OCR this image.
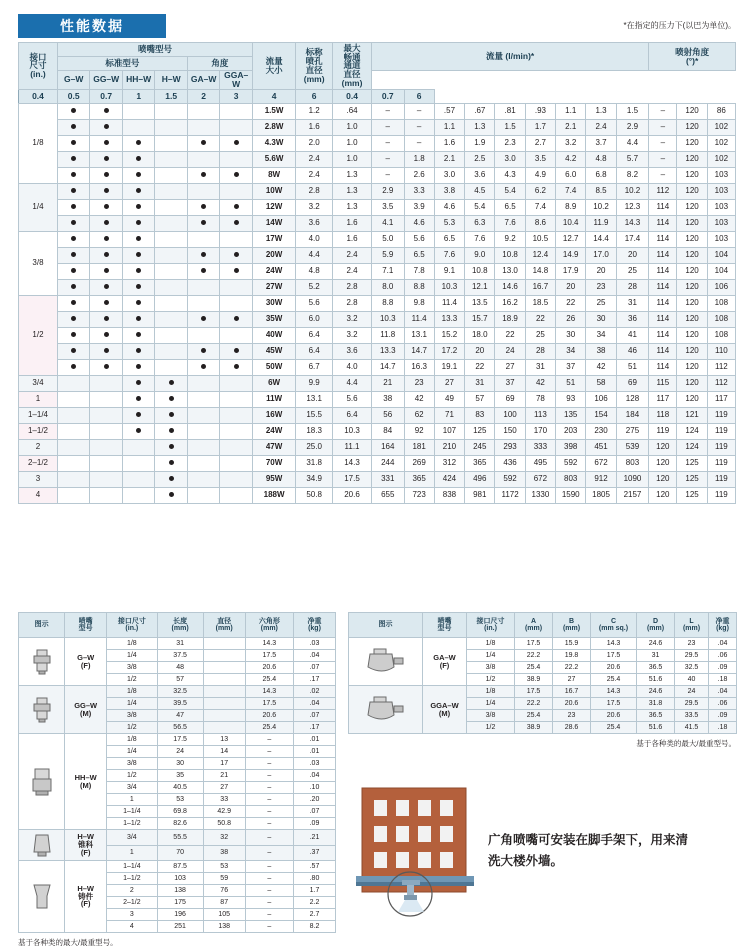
性能数据	*在指定的压力下(以巴为单位)。
接口
尺寸
(in.)
	喷嘴型号	
流量
大小

标称
喷孔
直径
(mm)

最大
畅通
通道
直径
(mm)
	流量 (l/min)*	喷射角度
(°)*

	标准型号				角度																
	G–W	GG–W	HH–W	H–W	GA–W	GGA–W															
0.4	0.5	0.7	1	1.5	2	3	4	6	0.4	0.7	6										
1/8							1.5W	1.2	.64	–	–	.57	.67	.81	.93	1.1	1.3	1.5	–	120	86
							2.8W	1.6	1.0	–	–	1.1	1.3	1.5	1.7	2.1	2.4	2.9	–	120	102
							4.3W	2.0	1.0	–	–	1.6	1.9	2.3	2.7	3.2	3.7	4.4	–	120	102
							5.6W	2.4	1.0	–	1.8	2.1	2.5	3.0	3.5	4.2	4.8	5.7	–	120	102
							8W	2.4	1.3	–	2.6	3.0	3.6	4.3	4.9	6.0	6.8	8.2	–	120	103
1/4							10W	2.8	1.3	2.9	3.3	3.8	4.5	5.4	6.2	7.4	8.5	10.2	112	120	103
							12W	3.2	1.3	3.5	3.9	4.6	5.4	6.5	7.4	8.9	10.2	12.3	114	120	103
							14W	3.6	1.6	4.1	4.6	5.3	6.3	7.6	8.6	10.4	11.9	14.3	114	120	103
3/8							17W	4.0	1.6	5.0	5.6	6.5	7.6	9.2	10.5	12.7	14.4	17.4	114	120	103
							20W	4.4	2.4	5.9	6.5	7.6	9.0	10.8	12.4	14.9	17.0	20	114	120	104
							24W	4.8	2.4	7.1	7.8	9.1	10.8	13.0	14.8	17.9	20	25	114	120	104
							27W	5.2	2.8	8.0	8.8	10.3	12.1	14.6	16.7	20	23	28	114	120	106
1/2							30W	5.6	2.8	8.8	9.8	11.4	13.5	16.2	18.5	22	25	31	114	120	108
							35W	6.0	3.2	10.3	11.4	13.3	15.7	18.9	22	26	30	36	114	120	108
							40W	6.4	3.2	11.8	13.1	15.2	18.0	22	25	30	34	41	114	120	108
							45W	6.4	3.6	13.3	14.7	17.2	20	24	28	34	38	46	114	120	110
							50W	6.7	4.0	14.7	16.3	19.1	22	27	31	37	42	51	114	120	112
3/4							6W	9.9	4.4	21	23	27	31	37	42	51	58	69	115	120	112
1							11W	13.1	5.6	38	42	49	57	69	78	93	106	128	117	120	117
1–1/4							16W	15.5	6.4	56	62	71	83	100	113	135	154	184	118	121	119
1–1/2							24W	18.3	10.3	84	92	107	125	150	170	203	230	275	119	124	119
2							47W	25.0	11.1	164	181	210	245	293	333	398	451	539	120	124	119
2–1/2							70W	31.8	14.3	244	269	312	365	436	495	592	672	803	120	125	119
3							95W	34.9	17.5	331	365	424	496	592	672	803	912	1090	120	125	119
4							188W	50.8	20.6	655	723	838	981	1172	1330	1590	1805	2157	120	125	119
图示	
喷嘴
型号

接口尺寸
(in.)

长度
(mm)

直径
(mm)

六角形
(mm)

净重
(kg)

G–W
(F)	1/8	31		14.3	.03
		1/4	37.5		17.5	.04
		3/8	48		20.6	.07
		1/2	57		25.4	.17

GG–W
(M)	1/8	32.5		14.3	.02
		1/4	39.5		17.5	.04
		3/8	47		20.6	.07
		1/2	56.5		25.4	.17

HH–W
(M)	1/8	17.5	13	–	.01
		1/4	24	14	–	.01
		3/8	30	17	–	.03
		1/2	35	21	–	.04
		3/4	40.5	27	–	.10
		1	53	33	–	.20
		1–1/4	69.8	42.9	–	.07
		1–1/2	82.6	50.8	–	.09

H–W
锥科
(F)	3/4	55.5	32	–	.21
		1	70	38	–	.37

H–W
铸件
(F)	1–1/4	87.5	53	–	.57
		1–1/2	103	59	–	.80
		2	138	76	–	1.7
		2–1/2	175	87	–	2.2
		3	196	105	–	2.7
		4	251	138	–	8.2
基于各种类的最大/最重型号。
图示	
喷嘴
型号

接口尺寸
(in.)

A
(mm)

B
(mm)

C
(mm sq.)

D
(mm)

L
(mm)

净重
(kg)

GA–W
(F)	1/8	17.5	15.9	14.3	24.6	23	.04
		1/4	22.2	19.8	17.5	31	29.5	.06
		3/8	25.4	22.2	20.6	36.5	32.5	.09
		1/2	38.9	27	25.4	51.6	40	.18

GGA–W
(M)	1/8	17.5	16.7	14.3	24.6	24	.04
		1/4	22.2	20.6	17.5	31.8	29.5	.06
		3/8	25.4	23	20.6	36.5	33.5	.09
		1/2	38.9	28.6	25.4	51.6	41.5	.18
基于各种类的最大/最重型号。
广角喷嘴可安装在脚手架下，用来清
洗大楼外墙。
